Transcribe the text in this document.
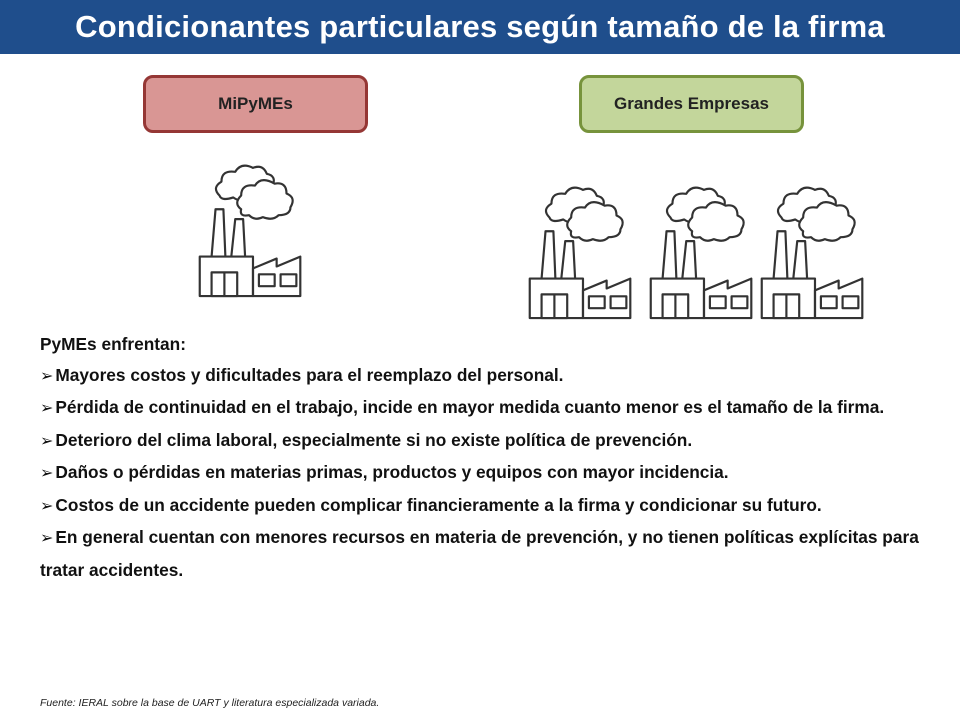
Condicionantes particulares según tamaño de la firma
MiPyMEs	Grandes Empresas

PyMEs enfrentan:

➢ Mayores costos y dificultades para el reemplazo del personal.
➢ Pérdida de continuidad en el trabajo, incide en mayor medida cuanto menor es el tamaño de la firma.
➢ Deterioro del clima laboral, especialmente si no existe política de prevención.
➢ Daños o pérdidas en materias primas, productos y equipos con mayor incidencia.
➢ Costos de un accidente pueden complicar financieramente a la firma y condicionar su futuro.
➢ En general cuentan con menores recursos en materia de prevención, y no tienen políticas explícitas para tratar accidentes.
Fuente: IERAL sobre la base de UART y literatura especializada variada.
